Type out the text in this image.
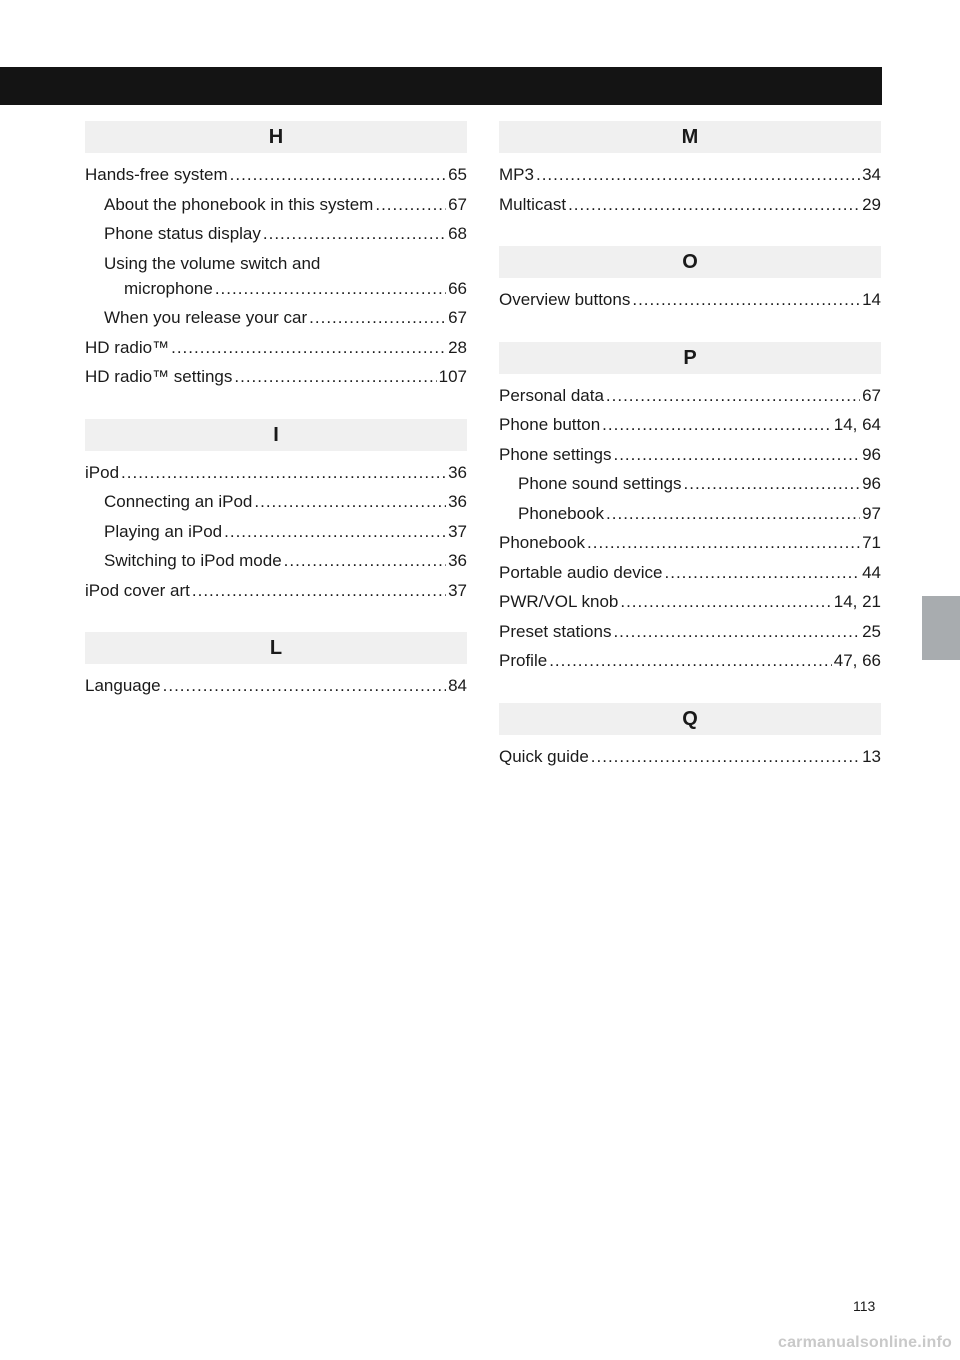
H
Hands-free system .....	65
About the phonebook in this system .....	67
Phone status display .....	68
Using the volume switch and
microphone .....	66
When you release your car .....	67
HD radio™ .....	28
HD radio™ settings .....	107
I
iPod .....	36
Connecting an iPod .....	36
Playing an iPod .....	37
Switching to iPod mode .....	36
iPod cover art .....	37
L
Language .....	84
M
MP3 .....	34
Multicast .....	29
O
Overview buttons .....	14
P
Personal data .....	67
Phone button .....	14, 64
Phone settings .....	96
Phone sound settings .....	96
Phonebook .....	97
Phonebook .....	71
Portable audio device .....	44
PWR/VOL knob .....	14, 21
Preset stations .....	25
Profile .....	47, 66
Q
Quick guide .....	13
113
carmanualsonline.info
